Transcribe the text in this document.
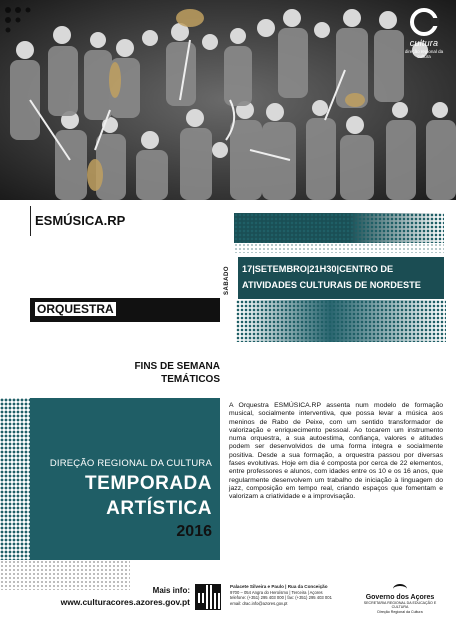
cultura
direção regional da cultura
ESMÚSICA.RP
SÁBADO	17|SETEMBRO|21H30|CENTRO DE
ATIVIDADES CULTURAIS DE NORDESTE
ORQUESTRA
FINS DE SEMANA
TEMÁTICOS
DIREÇÃO REGIONAL DA CULTURA
TEMPORADA
ARTÍSTICA
2016
A Orquestra ESMÚSICA.RP assenta num modelo de formação musical, socialmente interventiva, que possa levar a música aos meninos de Rabo de Peixe, com um sentido transformador de valorização e enriquecimento pessoal. Ao tocarem um instrumento numa orquestra, a sua autoestima, confiança, valores e atitudes podem ser desenvolvidos de uma forma íntegra e socialmente positiva. Desde a sua formação, a orquestra passou por diversas fases evolutivas. Hoje em dia é composta por cerca de 22 elementos, entre professores e alunos, com idades entre os 10 e os 16 anos, que regularmente desenvolvem um trabalho de iniciação à linguagem do jazz, composição em tempo real, criando espaços que fomentam e valorizam a criatividade e a improvisação.
Mais info:
www.culturacores.azores.gov.pt
Palacete Silveira e Paulo | Rua da Conceição
9700 – 054 Angra do Heroísmo | Terceira | Açores
telefone: (+351) 295 403 000 | fax: (+351) 295 403 001
email: drac.info@azores.gov.pt
Governo dos Açores
SECRETARIA REGIONAL DA EDUCAÇÃO E CULTURA
Direção Regional da Cultura
